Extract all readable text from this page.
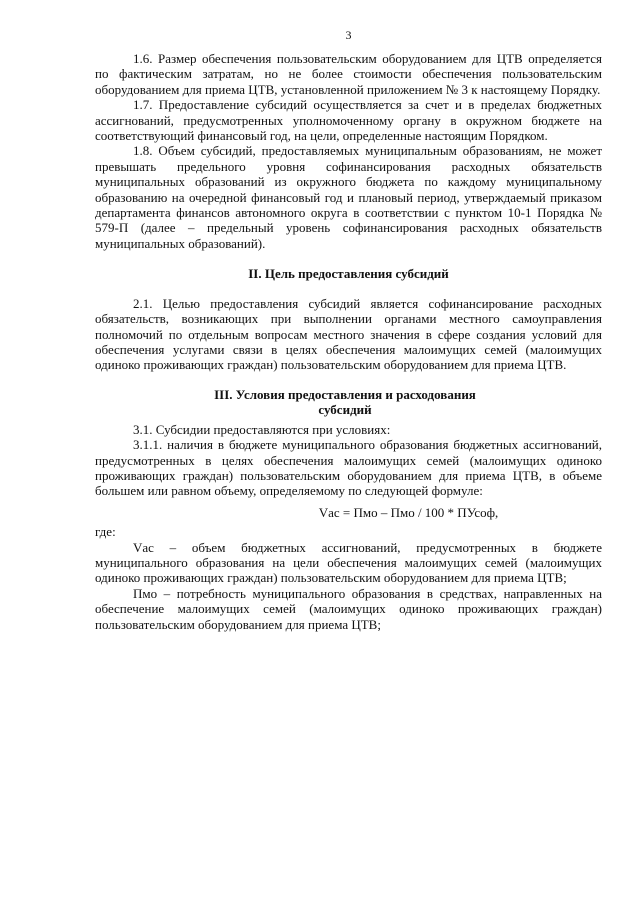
3

1.6. Размер обеспечения пользовательским оборудованием для ЦТВ определяется по фактическим затратам, но не более стоимости обеспечения пользовательским оборудованием для приема ЦТВ, установленной приложением № 3 к настоящему Порядку.

1.7. Предоставление субсидий осуществляется за счет и в пределах бюджетных ассигнований, предусмотренных уполномоченному органу в окружном бюджете на соответствующий финансовый год, на цели, определенные настоящим Порядком.

1.8. Объем субсидий, предоставляемых муниципальным образованиям, не может превышать предельного уровня софинансирования расходных обязательств муниципальных образований из окружного бюджета по каждому муниципальному образованию на очередной финансовый год и плановый период, утверждаемый приказом департамента финансов автономного округа в соответствии с пунктом 10-1 Порядка № 579-П (далее – предельный уровень софинансирования расходных обязательств муниципальных образований).

II. Цель предоставления субсидий

2.1. Целью предоставления субсидий является софинансирование расходных обязательств, возникающих при выполнении органами местного самоуправления полномочий по отдельным вопросам местного значения в сфере создания условий для обеспечения услугами связи в целях обеспечения малоимущих семей (малоимущих одиноко проживающих граждан) пользовательским оборудованием для приема ЦТВ.

III. Условия предоставления и расходования субсидий

3.1. Субсидии предоставляются при условиях:

3.1.1. наличия в бюджете муниципального образования бюджетных ассигнований, предусмотренных в целях обеспечения малоимущих семей (малоимущих одиноко проживающих граждан) пользовательским оборудованием для приема ЦТВ, в объеме большем или равном объему, определяемому по следующей формуле:

Vас = Пмо – Пмо / 100 * ПУсоф,

где:

Vас – объем бюджетных ассигнований, предусмотренных в бюджете муниципального образования на цели обеспечения малоимущих семей (малоимущих одиноко проживающих граждан) пользовательским оборудованием для приема ЦТВ;

Пмо – потребность муниципального образования в средствах, направленных на обеспечение малоимущих семей (малоимущих одиноко проживающих граждан) пользовательским оборудованием для приема ЦТВ;
